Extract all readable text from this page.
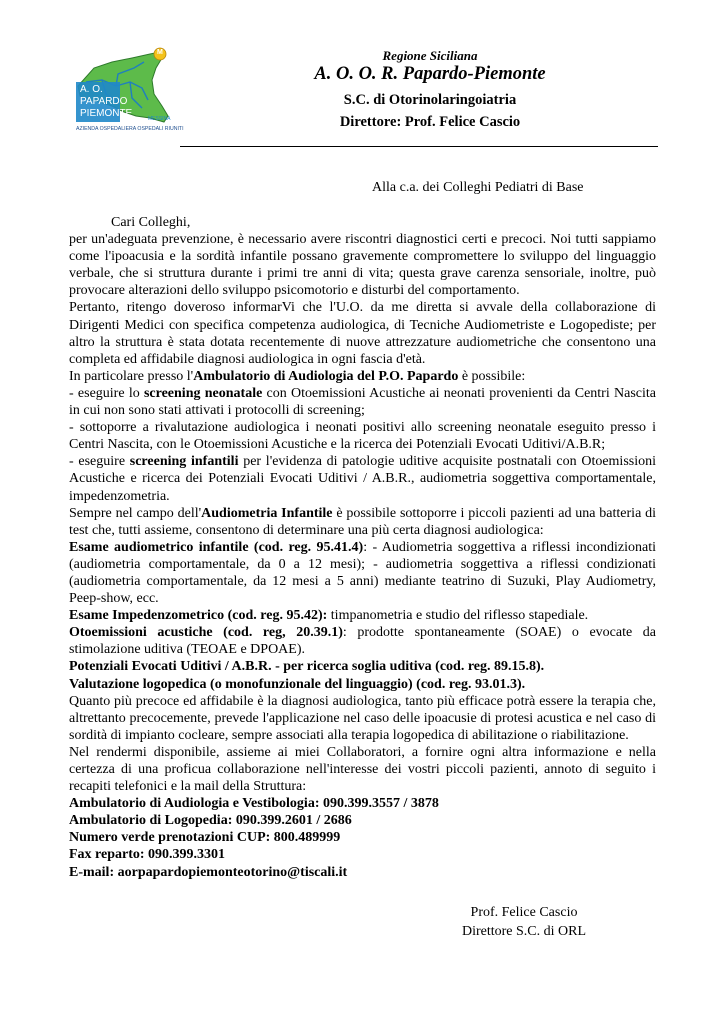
A. O.
PAPARDO
PIEMONTE	MESSINA
AZIENDA OSPEDALIERA OSPEDALI RIUNITI
M	Regione Siciliana
A. O. O. R. Papardo-Piemonte
S.C. di Otorinolaringoiatria
Direttore: Prof. Felice Cascio
Alla c.a. dei Colleghi Pediatri di Base

Cari Colleghi,

per un'adeguata prevenzione, è necessario avere riscontri diagnostici certi e precoci. Noi tutti sappiamo come l'ipoacusia e la sordità infantile possano gravemente compromettere lo sviluppo del linguaggio verbale, che si struttura durante i primi tre anni di vita; questa grave carenza sensoriale, inoltre, può provocare alterazioni dello sviluppo psicomotorio e disturbi del comportamento.

Pertanto, ritengo doveroso informarVi che l'U.O. da me diretta si avvale della collaborazione di Dirigenti Medici con specifica competenza audiologica, di Tecniche Audiometriste e Logopediste; per altro la struttura è stata dotata recentemente di nuove attrezzature audiometriche che consentono una completa ed affidabile diagnosi audiologica in ogni fascia d'età.

In particolare presso l'Ambulatorio di Audiologia del P.O. Papardo è possibile:

- eseguire lo screening neonatale con Otoemissioni Acustiche ai neonati provenienti da Centri Nascita in cui non sono stati attivati i protocolli di screening;

- sottoporre a rivalutazione audiologica i neonati positivi allo screening neonatale eseguito presso i Centri Nascita, con le Otoemissioni Acustiche e la ricerca dei Potenziali Evocati Uditivi/A.B.R;

- eseguire screening infantili per l'evidenza di patologie uditive acquisite postnatali con Otoemissioni Acustiche e ricerca dei Potenziali Evocati Uditivi / A.B.R., audiometria soggettiva comportamentale, impedenzometria.

Sempre nel campo dell'Audiometria Infantile è possibile sottoporre i piccoli pazienti ad una batteria di test che, tutti assieme, consentono di determinare una più certa diagnosi audiologica:

Esame audiometrico infantile (cod. reg. 95.41.4): - Audiometria soggettiva a riflessi incondizionati (audiometria comportamentale, da 0 a 12 mesi); - audiometria soggettiva a riflessi condizionati (audiometria comportamentale, da 12 mesi a 5 anni) mediante teatrino di Suzuki, Play Audiometry, Peep-show, ecc.

Esame Impedenzometrico (cod. reg. 95.42): timpanometria e studio del riflesso stapediale.

Otoemissioni acustiche (cod. reg, 20.39.1): prodotte spontaneamente (SOAE) o evocate da stimolazione uditiva (TEOAE e DPOAE).

Potenziali Evocati Uditivi / A.B.R. - per ricerca soglia uditiva (cod. reg. 89.15.8).

Valutazione logopedica (o monofunzionale del linguaggio) (cod. reg. 93.01.3).

Quanto più precoce ed affidabile è la diagnosi audiologica, tanto più efficace potrà essere la terapia che, altrettanto precocemente, prevede l'applicazione nel caso delle ipoacusie di protesi acustica e nel caso di sordità di impianto cocleare, sempre associati alla terapia logopedica di abilitazione o riabilitazione.

Nel rendermi disponibile, assieme ai miei Collaboratori, a fornire ogni altra informazione e nella certezza di una proficua collaborazione nell'interesse dei vostri piccoli pazienti, annoto di seguito i recapiti telefonici e la mail della Struttura:

Ambulatorio di Audiologia e Vestibologia: 090.399.3557 / 3878

Ambulatorio di Logopedia: 090.399.2601 / 2686

Numero verde prenotazioni CUP: 800.489999

Fax reparto: 090.399.3301

E-mail: aorpapardopiemonteotorino@tiscali.it

Prof. Felice Cascio
Direttore S.C. di ORL
